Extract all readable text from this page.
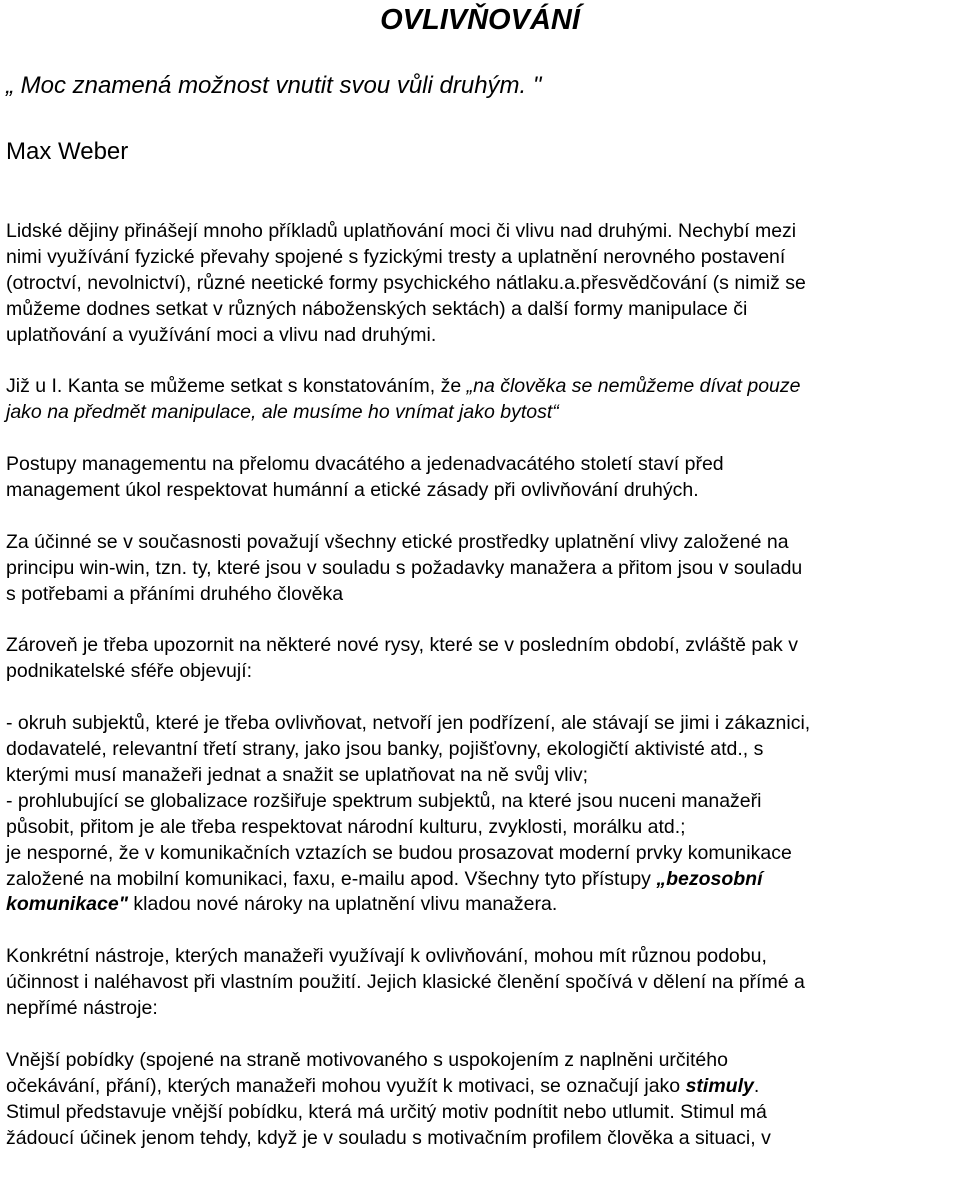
OVLIVŇOVÁNÍ

„ Moc znamená možnost vnutit svou vůli druhým. "

Max Weber

Lidské dějiny přinášejí mnoho příkladů uplatňování moci či vlivu nad druhými. Nechybí mezi

nimi využívání fyzické převahy spojené s fyzickými tresty a uplatnění nerovného postavení

(otroctví, nevolnictví), různé neetické formy psychického nátlaku.a.přesvědčování (s nimiž se

můžeme dodnes setkat v různých náboženských sektách) a další formy manipulace či

uplatňování a využívání moci a vlivu nad druhými.

Již u I. Kanta se můžeme setkat s konstatováním, že „na člověka se nemůžeme dívat pouze

jako na předmět manipulace, ale musíme ho vnímat jako bytost“

Postupy managementu na přelomu dvacátého a jedenadvacátého století staví před

management úkol respektovat humánní a etické zásady při ovlivňování druhých.

Za účinné se v současnosti považují všechny etické prostředky uplatnění vlivy založené na

principu win-win, tzn. ty, které jsou v souladu s požadavky manažera a přitom jsou v souladu

s potřebami a přáními druhého člověka

Zároveň je třeba upozornit na některé nové rysy, které se v posledním období, zvláště pak v

podnikatelské sféře objevují:

- okruh subjektů, které je třeba ovlivňovat, netvoří jen podřízení, ale stávají se jimi i zákaznici,

dodavatelé, relevantní třetí strany, jako jsou banky, pojišťovny, ekologičtí aktivisté atd., s

kterými musí manažeři jednat a snažit se uplatňovat na ně svůj vliv;

- prohlubující se globalizace rozšiřuje spektrum subjektů, na které jsou nuceni manažeři

působit, přitom je ale třeba respektovat národní kulturu, zvyklosti, morálku atd.;

je nesporné, že v komunikačních vztazích se budou prosazovat moderní prvky komunikace

založené na mobilní komunikaci, faxu, e-mailu apod. Všechny tyto přístupy „bezosobní

komunikace" kladou nové nároky na uplatnění vlivu manažera.

Konkrétní nástroje, kterých manažeři využívají k ovlivňování, mohou mít různou podobu,

účinnost i naléhavost při vlastním použití. Jejich klasické členění spočívá v dělení na přímé a

nepřímé nástroje:

Vnější pobídky (spojené na straně motivovaného s uspokojením z naplněni určitého

očekávání, přání), kterých manažeři mohou využít k motivaci, se označují jako stimuly.

Stimul představuje vnější pobídku, která má určitý motiv podnítit nebo utlumit. Stimul má

žádoucí účinek jenom tehdy, když je v souladu s motivačním profilem člověka a situaci, v
